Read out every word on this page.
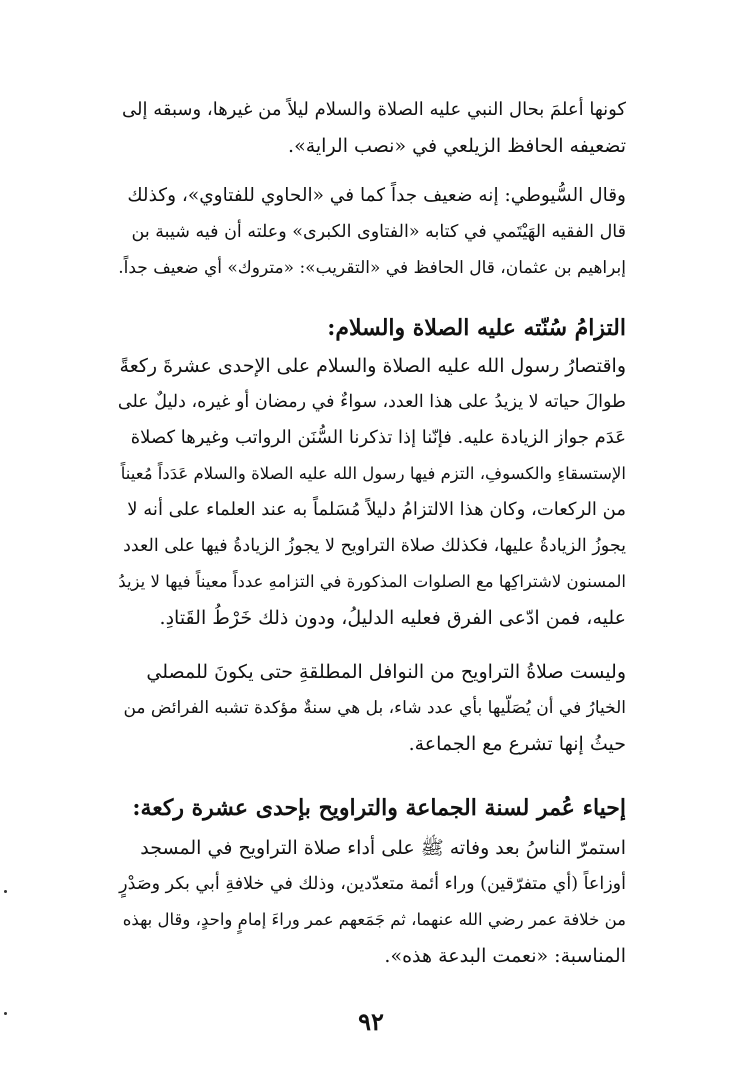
كونها أعلمَ بحال النبي عليه الصلاة والسلام ليلاً من غيرها، وسبقه إلى
تضعيفه الحافظ الزيلعي في «نصب الراية».
وقال السُّيوطي: إنه ضعيف جداً كما في «الحاوي للفتاوي»، وكذلك
قال الفقيه الهَيْتَمي في كتابه «الفتاوى الكبرى» وعلته أن فيه شيبة بن
إبراهيم بن عثمان، قال الحافظ في «التقريب»: «متروك» أي ضعيف جداً.
التزامُ سُنّته عليه الصلاة والسلام:
واقتصارُ رسول الله عليه الصلاة والسلام على الإحدى عشرةَ ركعةً
طوالَ حياته لا يزيدُ على هذا العدد، سواءٌ في رمضان أو غيره، دليلٌ على
عَدَم جواز الزيادة عليه. فإنّنا إذا تذكرنا السُّنَن الرواتب وغيرها كصلاة
الإستسقاءِ والكسوفِ، التزم فيها رسول الله عليه الصلاة والسلام عَدَداً مُعيناً
من الركعات، وكان هذا الالتزامُ دليلاً مُسَلماً به عند العلماء على أنه لا
يجوزُ الزيادةُ عليها، فكذلك صلاة التراويح لا يجوزُ الزيادةُ فيها على العدد
المسنون لاشتراكِها مع الصلوات المذكورة في التزامهِ عدداً معيناً فيها لا يزيدُ
عليه، فمن ادّعى الفرق فعليه الدليلُ، ودون ذلك خَرْطُ القَتادِ.
وليست صلاةُ التراويح من النوافل المطلقةِ حتى يكونَ للمصلي
الخيارُ في أن يُصَلّيها بأي عدد شاء، بل هي سنةٌ مؤكدة تشبه الفرائض من
حيثُ إنها تشرع مع الجماعة.
إحياء عُمر لسنة الجماعة والتراويح بإحدى عشرة ركعة:
استمرّ الناسُ بعد وفاته ﷺ على أداء صلاة التراويح في المسجد
أوزاعاً (أي متفرّقين) وراء أئمة متعدّدين، وذلك في خلافةِ أبي بكر وصَدْرٍ
من خلافة عمر رضي الله عنهما، ثم جَمَعهم عمر وراءَ إمامٍ واحدٍ، وقال بهذه
المناسبة: «نعمت البدعة هذه».
٩٢
